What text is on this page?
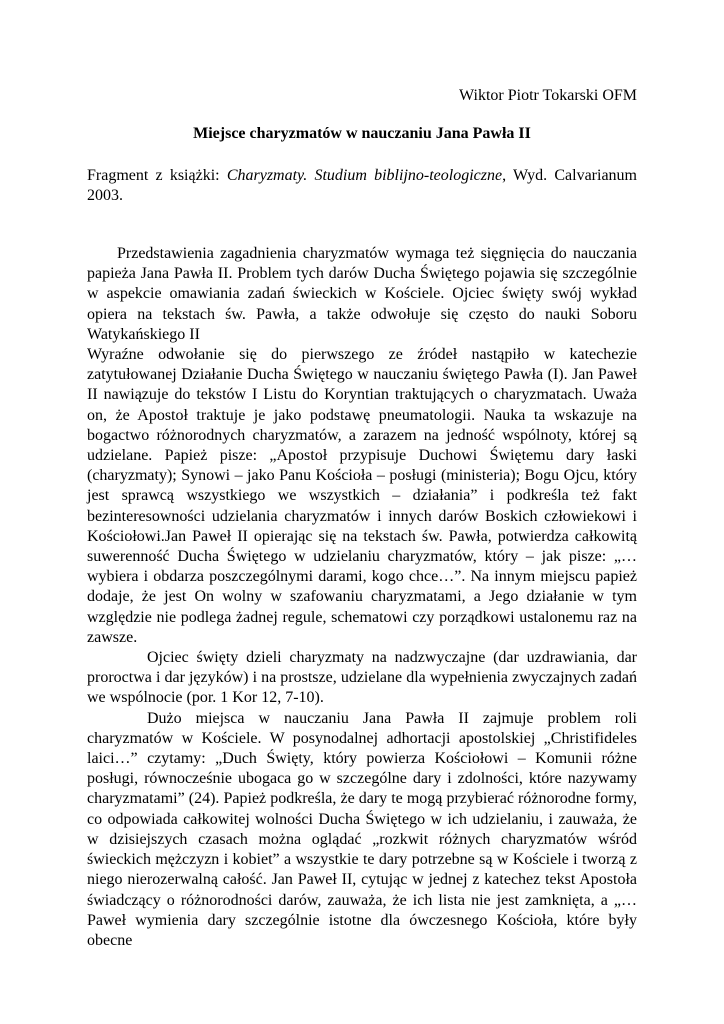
Wiktor Piotr Tokarski OFM
Miejsce charyzmatów w nauczaniu Jana Pawła II
Fragment z książki: Charyzmaty. Studium biblijno-teologiczne, Wyd. Calvarianum 2003.

Przedstawienia zagadnienia charyzmatów wymaga też sięgnięcia do nauczania papieża Jana Pawła II. Problem tych darów Ducha Świętego pojawia się szczególnie w aspekcie omawiania zadań świeckich w Kościele. Ojciec święty swój wykład opiera na tekstach św. Pawła, a także odwołuje się często do nauki Soboru Watykańskiego II

Wyraźne odwołanie się do pierwszego ze źródeł nastąpiło w katechezie zatytułowanej Działanie Ducha Świętego w nauczaniu świętego Pawła (I). Jan Paweł II nawiązuje do tekstów I Listu do Koryntian traktujących o charyzmatach. Uważa on, że Apostoł traktuje je jako podstawę pneumatologii. Nauka ta wskazuje na bogactwo różnorodnych charyzmatów, a zarazem na jedność wspólnoty, której są udzielane. Papież pisze: „Apostoł przypisuje Duchowi Świętemu dary łaski (charyzmaty); Synowi – jako Panu Kościoła – posługi (ministeria); Bogu Ojcu, który jest sprawcą wszystkiego we wszystkich – działania” i podkreśla też fakt bezinteresowności udzielania charyzmatów i innych darów Boskich człowiekowi i Kościołowi.Jan Paweł II opierając się na tekstach św. Pawła, potwierdza całkowitą suwerenność Ducha Świętego w udzielaniu charyzmatów, który – jak pisze: „…wybiera i obdarza poszczególnymi darami, kogo chce…”. Na innym miejscu papież dodaje, że jest On wolny w szafowaniu charyzmatami, a Jego działanie w tym względzie nie podlega żadnej regule, schematowi czy porządkowi ustalonemu raz na zawsze.

Ojciec święty dzieli charyzmaty na nadzwyczajne (dar uzdrawiania, dar proroctwa i dar języków) i na prostsze, udzielane dla wypełnienia zwyczajnych zadań we wspólnocie (por. 1 Kor 12, 7-10).

Dużo miejsca w nauczaniu Jana Pawła II zajmuje problem roli charyzmatów w Kościele. W posynodalnej adhortacji apostolskiej „Christifideles laici…” czytamy: „Duch Święty, który powierza Kościołowi – Komunii różne posługi, równocześnie ubogaca go w szczególne dary i zdolności, które nazywamy charyzmatami” (24). Papież podkreśla, że dary te mogą przybierać różnorodne formy, co odpowiada całkowitej wolności Ducha Świętego w ich udzielaniu, i zauważa, że w dzisiejszych czasach można oglądać „rozkwit różnych charyzmatów wśród świeckich mężczyzn i kobiet” a wszystkie te dary potrzebne są w Kościele i tworzą z niego nierozerwalną całość. Jan Paweł II, cytując w jednej z katechez tekst Apostoła świadczący o różnorodności darów, zauważa, że ich lista nie jest zamknięta, a „…Paweł wymienia dary szczególnie istotne dla ówczesnego Kościoła, które były obecne
